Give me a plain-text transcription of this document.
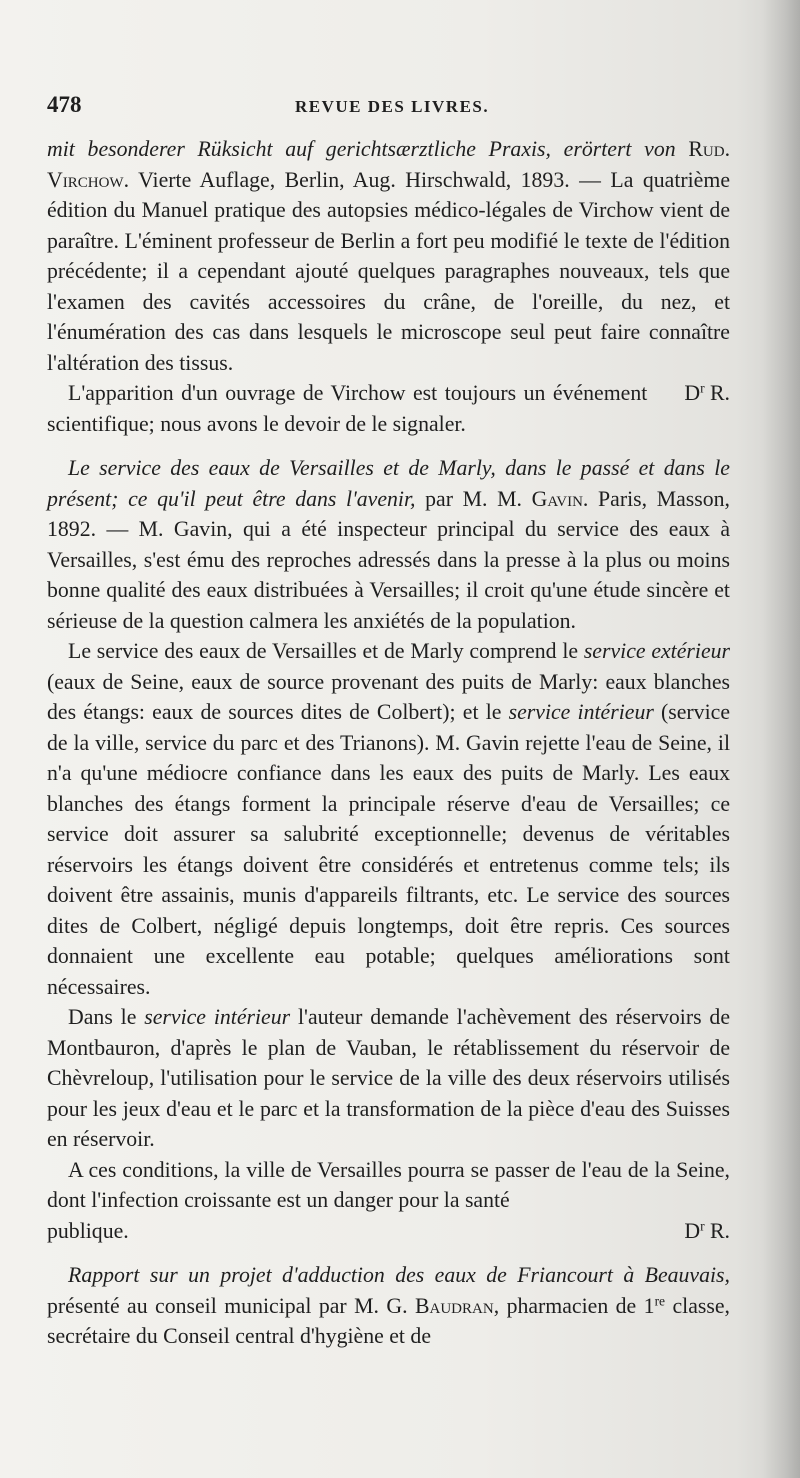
478	REVUE DES LIVRES.

mit besonderer Rüksicht auf gerichtsærztliche Praxis, erörtert von Rud. Virchow. Vierte Auflage, Berlin, Aug. Hirschwald, 1893. — La quatrième édition du Manuel pratique des autopsies médico-légales de Virchow vient de paraître. L'éminent professeur de Berlin a fort peu modifié le texte de l'édition précédente; il a cependant ajouté quelques paragraphes nouveaux, tels que l'examen des cavités accessoires du crâne, de l'oreille, du nez, et l'énumération des cas dans lesquels le microscope seul peut faire connaître l'altération des tissus.

L'apparition d'un ouvrage de Virchow est toujours un événement scientifique; nous avons le devoir de le signaler.
$D^r$ R.

Le service des eaux de Versailles et de Marly, dans le passé et dans le présent; ce qu'il peut être dans l'avenir, par M. M. Gavin. Paris, Masson, 1892. — M. Gavin, qui a été inspecteur principal du service des eaux à Versailles, s'est ému des reproches adressés dans la presse à la plus ou moins bonne qualité des eaux distribuées à Versailles; il croit qu'une étude sincère et sérieuse de la question calmera les anxiétés de la population.

Le service des eaux de Versailles et de Marly comprend le service extérieur (eaux de Seine, eaux de source provenant des puits de Marly: eaux blanches des étangs: eaux de sources dites de Colbert); et le service intérieur (service de la ville, service du parc et des Trianons). M. Gavin rejette l'eau de Seine, il n'a qu'une médiocre confiance dans les eaux des puits de Marly. Les eaux blanches des étangs forment la principale réserve d'eau de Versailles; ce service doit assurer sa salubrité exceptionnelle; devenus de véritables réservoirs les étangs doivent être considérés et entretenus comme tels; ils doivent être assainis, munis d'appareils filtrants, etc. Le service des sources dites de Colbert, négligé depuis longtemps, doit être repris. Ces sources donnaient une excellente eau potable; quelques améliorations sont nécessaires.

Dans le service intérieur l'auteur demande l'achèvement des réservoirs de Montbauron, d'après le plan de Vauban, le rétablissement du réservoir de Chèvreloup, l'utilisation pour le service de la ville des deux réservoirs utilisés pour les jeux d'eau et le parc et la transformation de la pièce d'eau des Suisses en réservoir.

A ces conditions, la ville de Versailles pourra se passer de l'eau de la Seine, dont l'infection croissante est un danger pour la santé

publique.	$D^r$ R.

Rapport sur un projet d'adduction des eaux de Friancourt à Beauvais, présenté au conseil municipal par M. G. Baudran, pharmacien de 1re classe, secrétaire du Conseil central d'hygiène et de
